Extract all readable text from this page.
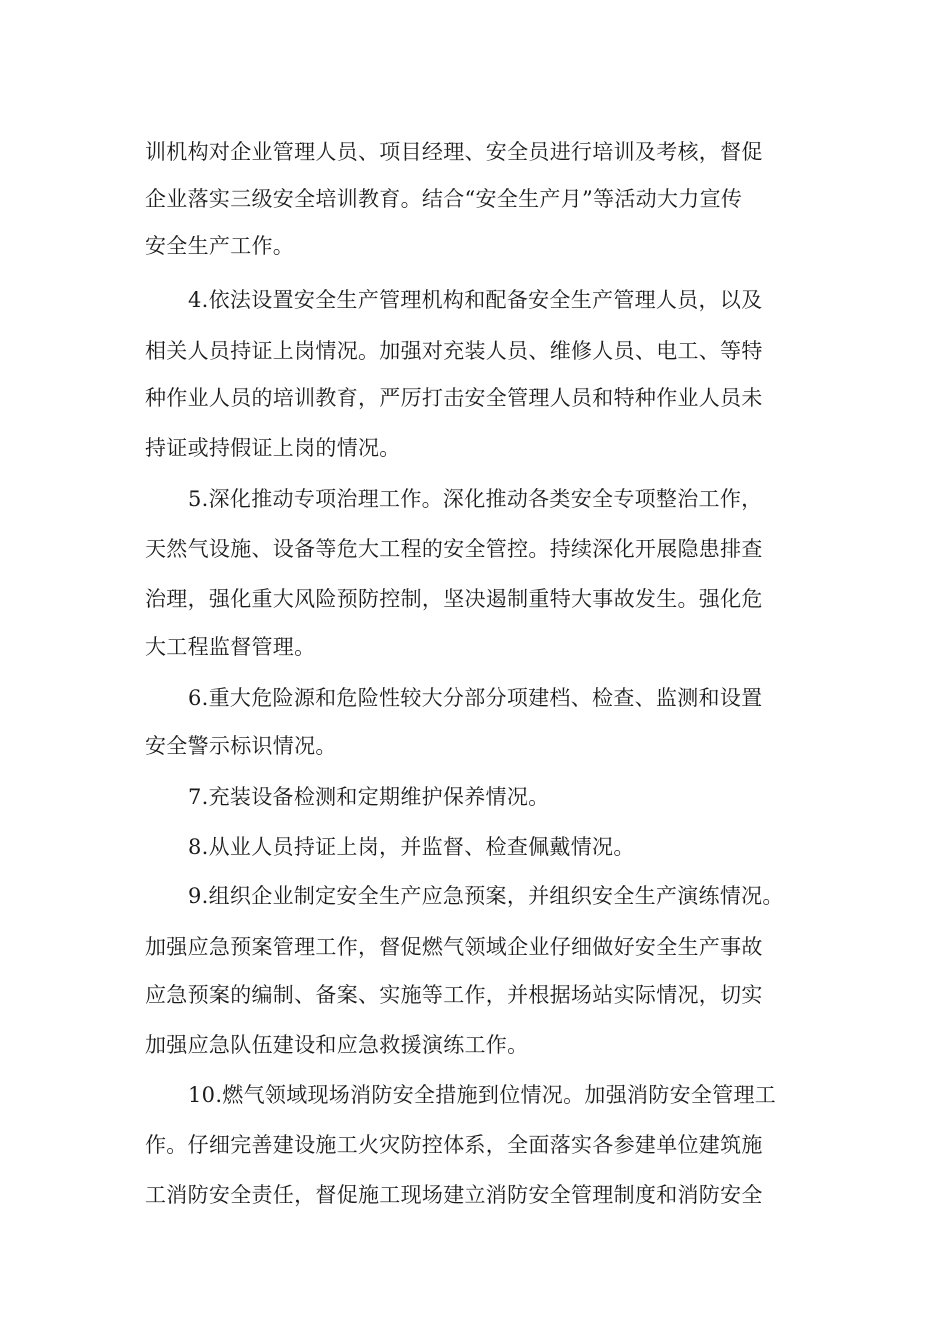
训机构对企业管理人员、项目经理、安全员进行培训及考核，督促
企业落实三级安全培训教育。结合“安全生产月”等活动大力宣传
安全生产工作。
4.依法设置安全生产管理机构和配备安全生产管理人员，以及
相关人员持证上岗情况。加强对充装人员、维修人员、电工、等特
种作业人员的培训教育，严厉打击安全管理人员和特种作业人员未
持证或持假证上岗的情况。
5.深化推动专项治理工作。深化推动各类安全专项整治工作，
天然气设施、设备等危大工程的安全管控。持续深化开展隐患排查
治理，强化重大风险预防控制，坚决遏制重特大事故发生。强化危
大工程监督管理。
6.重大危险源和危险性较大分部分项建档、检查、监测和设置
安全警示标识情况。
7.充装设备检测和定期维护保养情况。
8.从业人员持证上岗，并监督、检查佩戴情况。
9.组织企业制定安全生产应急预案，并组织安全生产演练情况。
加强应急预案管理工作，督促燃气领域企业仔细做好安全生产事故
应急预案的编制、备案、实施等工作，并根据场站实际情况，切实
加强应急队伍建设和应急救援演练工作。
10.燃气领域现场消防安全措施到位情况。加强消防安全管理工
作。仔细完善建设施工火灾防控体系，全面落实各参建单位建筑施
工消防安全责任，督促施工现场建立消防安全管理制度和消防安全
